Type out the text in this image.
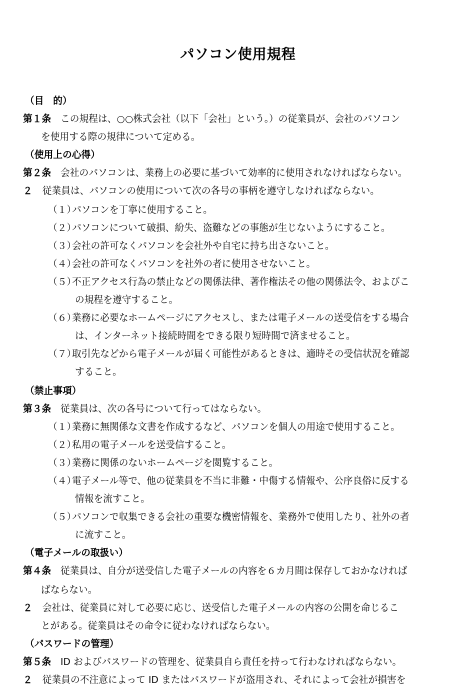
パソコン使用規程
（目　的）
第１条　この規程は、○○株式会社（以下「会社」という。）の従業員が、会社のパソコン
を使用する際の規律について定める。
（使用上の心得）
第２条　会社のパソコンは、業務上の必要に基づいて効率的に使用されなければならない。
２　従業員は、パソコンの使用について次の各号の事柄を遵守しなければならない。
（１）パソコンを丁寧に使用すること。
（２）パソコンについて破損、紛失、盗難などの事態が生じないようにすること。
（３）会社の許可なくパソコンを会社外や自宅に持ち出さないこと。
（４）会社の許可なくパソコンを社外の者に使用させないこと。
（５）不正アクセス行為の禁止などの関係法律、著作権法その他の関係法令、およびこ
の規程を遵守すること。
（６）業務に必要なホームページにアクセスし、または電子メールの送受信をする場合
は、インターネット接続時間をできる限り短時間で済ませること。
（７）取引先などから電子メールが届く可能性があるときは、適時その受信状況を確認
すること。
（禁止事項）
第３条　従業員は、次の各号について行ってはならない。
（１）業務に無関係な文書を作成するなど、パソコンを個人の用途で使用すること。
（２）私用の電子メールを送受信すること。
（３）業務に関係のないホームページを閲覧すること。
（４）電子メール等で、他の従業員を不当に非難・中傷する情報や、公序良俗に反する
情報を流すこと。
（５）パソコンで収集できる会社の重要な機密情報を、業務外で使用したり、社外の者
に流すこと。
（電子メールの取扱い）
第４条　従業員は、自分が送受信した電子メールの内容を６カ月間は保存しておかなければ
ばならない。
２　会社は、従業員に対して必要に応じ、送受信した電子メールの内容の公開を命じるこ
とがある。従業員はその命令に従わなければならない。
（パスワードの管理）
第５条　ID およびパスワードの管理を、従業員自ら責任を持って行わなければならない。
２　従業員の不注意によって ID またはパスワードが盗用され、それによって会社が損害を
